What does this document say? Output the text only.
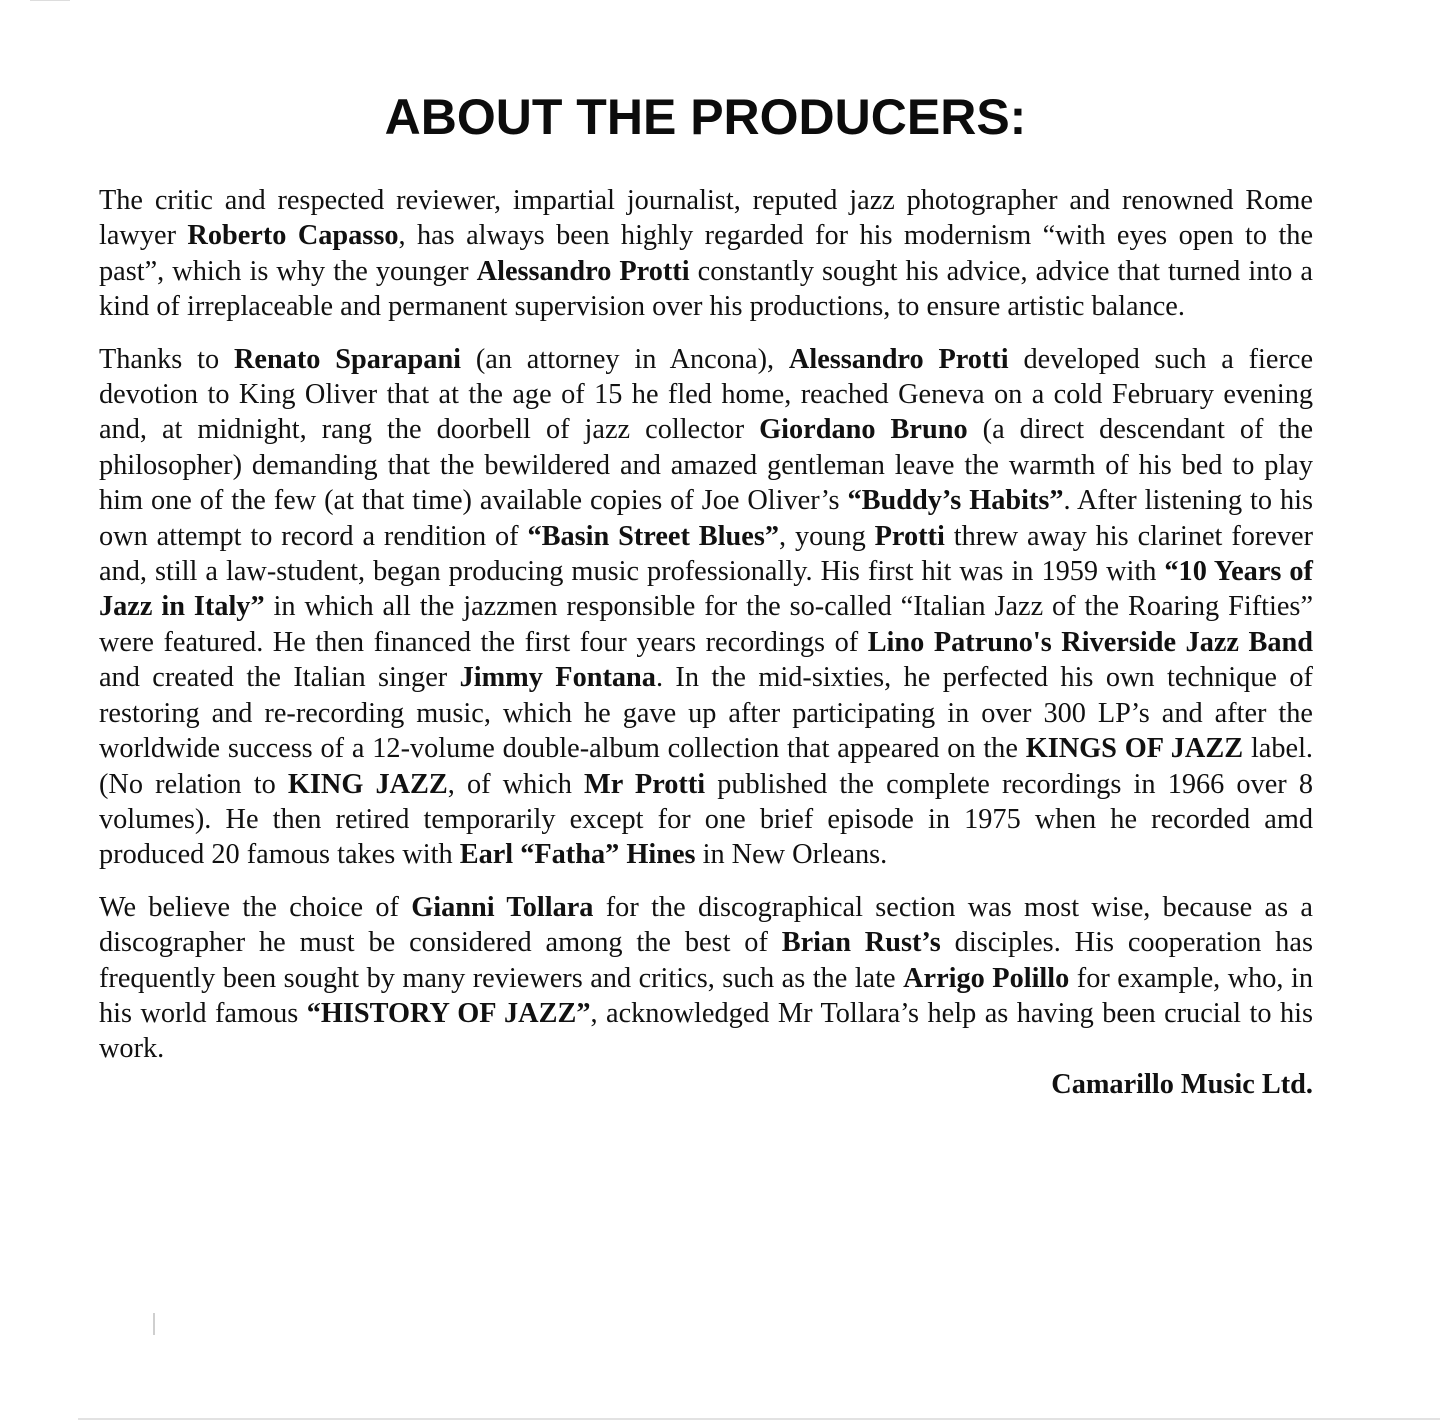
ABOUT THE PRODUCERS:

The critic and respected reviewer, impartial journalist, reputed jazz photographer and renowned Rome lawyer Roberto Capasso, has always been highly regarded for his modernism “with eyes open to the past”, which is why the younger Alessandro Protti constantly sought his advice, advice that turned into a kind of irreplaceable and permanent supervision over his productions, to ensure artistic balance.

Thanks to Renato Sparapani (an attorney in Ancona), Alessandro Protti developed such a fierce devotion to King Oliver that at the age of 15 he fled home, reached Geneva on a cold February evening and, at midnight, rang the doorbell of jazz collector Giordano Bruno (a direct descendant of the philosopher) demanding that the bewildered and amazed gentleman leave the warmth of his bed to play him one of the few (at that time) available copies of Joe Oliver’s “Buddy’s Habits”. After listening to his own attempt to record a rendition of “Basin Street Blues”, young Protti threw away his clarinet forever and, still a law-student, began producing music professionally. His first hit was in 1959 with “10 Years of Jazz in Italy” in which all the jazzmen responsible for the so-called “Italian Jazz of the Roaring Fifties” were featured. He then financed the first four years recordings of Lino Patruno's Riverside Jazz Band and created the Italian singer Jimmy Fontana. In the mid-sixties, he perfected his own technique of restoring and re-recording music, which he gave up after participating in over 300 LP’s and after the worldwide success of a 12-volume double-album collection that appeared on the KINGS OF JAZZ label. (No relation to KING JAZZ, of which Mr Protti published the complete recordings in 1966 over 8 volumes). He then retired temporarily except for one brief episode in 1975 when he recorded amd produced 20 famous takes with Earl “Fatha” Hines in New Orleans.

We believe the choice of Gianni Tollara for the discographical section was most wise, because as a discographer he must be considered among the best of Brian Rust’s disciples. His cooperation has frequently been sought by many reviewers and critics, such as the late Arrigo Polillo for example, who, in his world famous “HISTORY OF JAZZ”, acknowledged Mr Tollara’s help as having been crucial to his work.

Camarillo Music Ltd.
